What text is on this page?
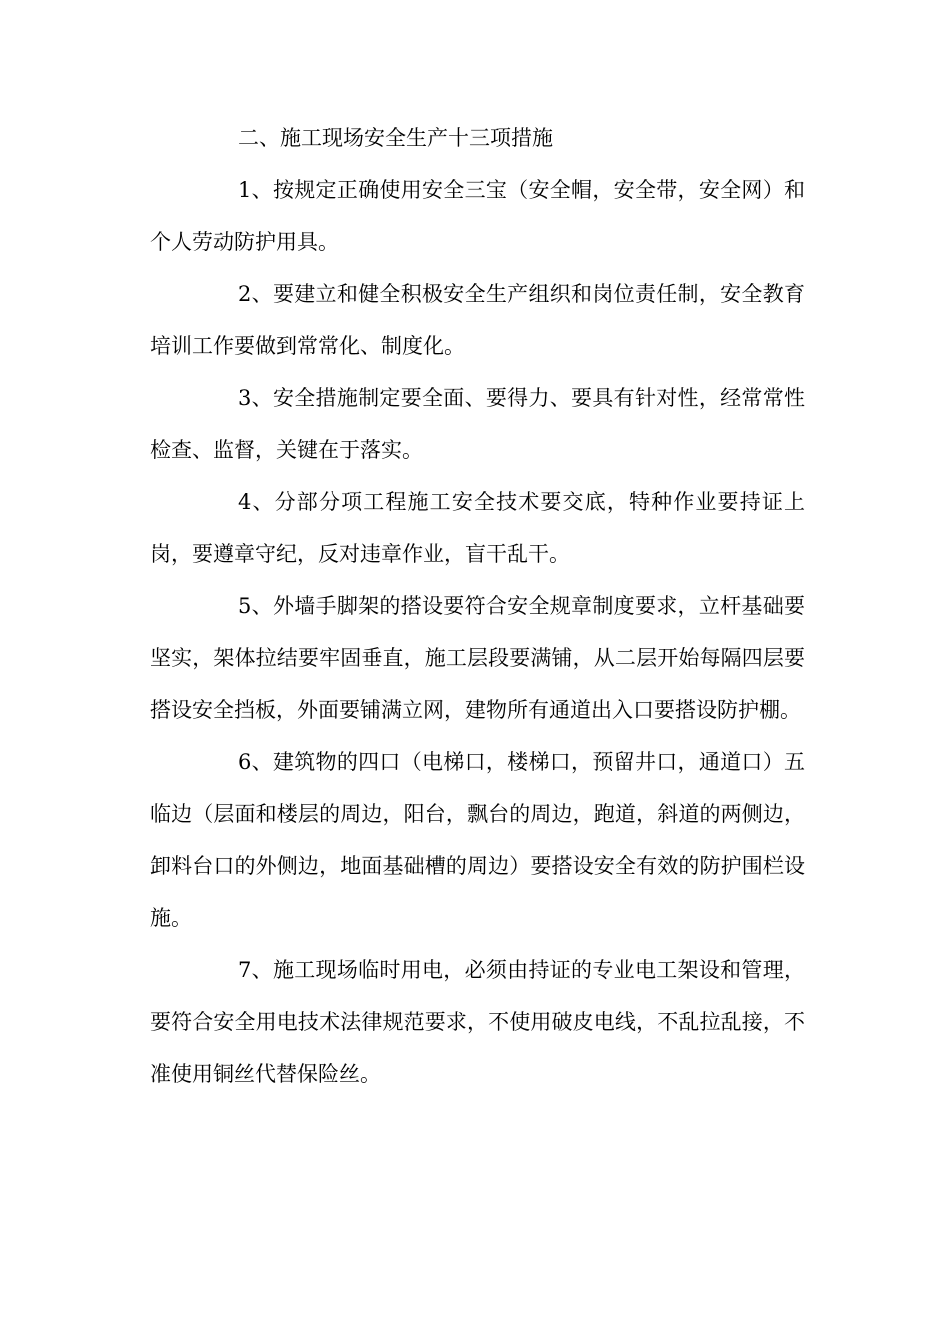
二、施工现场安全生产十三项措施

1、按规定正确使用安全三宝（安全帽，安全带，安全网）和个人劳动防护用具。

2、要建立和健全积极安全生产组织和岗位责任制，安全教育培训工作要做到常常化、制度化。

3、安全措施制定要全面、要得力、要具有针对性，经常常性检查、监督，关键在于落实。

4、分部分项工程施工安全技术要交底，特种作业要持证上岗，要遵章守纪，反对违章作业，盲干乱干。

5、外墙手脚架的搭设要符合安全规章制度要求，立杆基础要坚实，架体拉结要牢固垂直，施工层段要满铺，从二层开始每隔四层要搭设安全挡板，外面要铺满立网，建物所有通道出入口要搭设防护棚。

6、建筑物的四口（电梯口，楼梯口，预留井口，通道口）五临边（层面和楼层的周边，阳台，飘台的周边，跑道，斜道的两侧边，卸料台口的外侧边，地面基础槽的周边）要搭设安全有效的防护围栏设施。

7、施工现场临时用电，必须由持证的专业电工架设和管理，要符合安全用电技术法律规范要求，不使用破皮电线，不乱拉乱接，不准使用铜丝代替保险丝。
